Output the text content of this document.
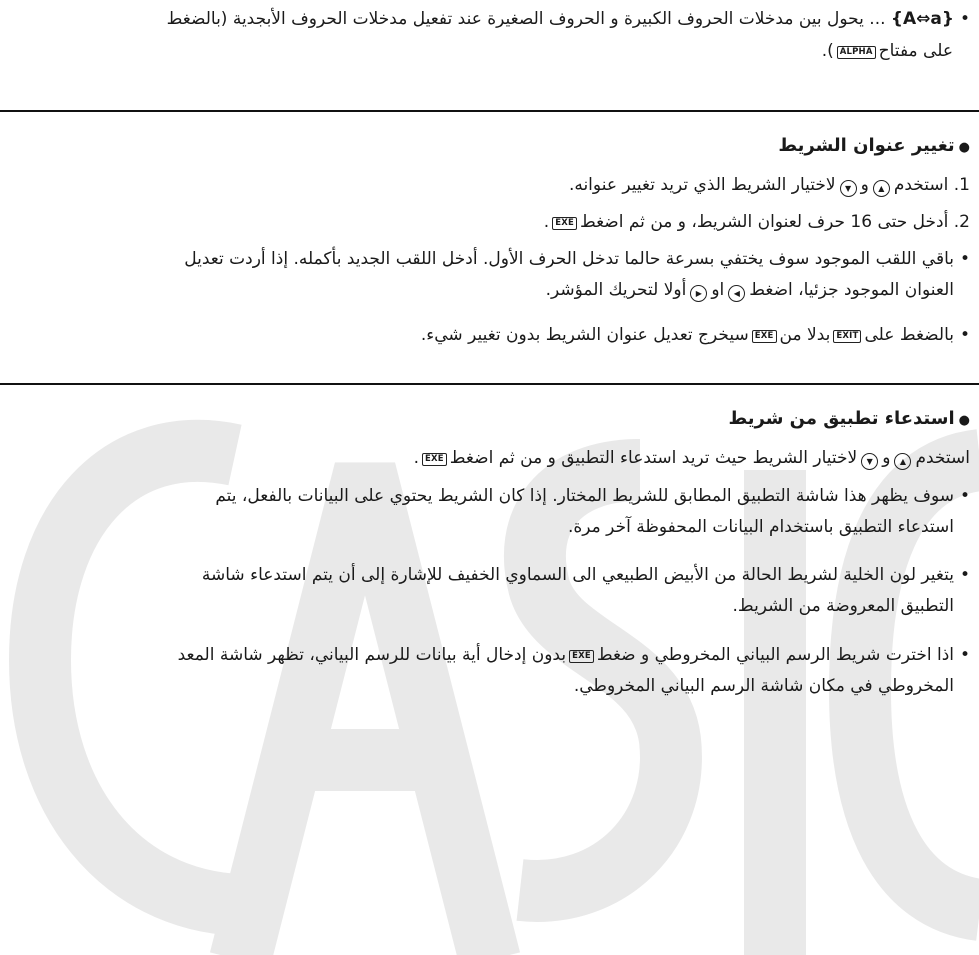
• {A⇔a} ... يحول بين مدخلات الحروف الكبيرة و الحروف الصغيرة عند تفعيل مدخلات الحروف الأبجدية (بالضغط
على مفتاحALPHA).
● تغيير عنوان الشريط
1. استخدم▲و▼لاختيار الشريط الذي تريد تغيير عنوانه.
2. أدخل حتى 16 حرف لعنوان الشريط، و من ثم اضغطEXE.
• باقي اللقب الموجود سوف يختفي بسرعة حالما تدخل الحرف الأول. أدخل اللقب الجديد بأكمله. إذا أردت تعديل
العنوان الموجود جزئيا، اضغط◀او▶أولا لتحريك المؤشر.
• بالضغط علىEXITبدلا منEXEسيخرج تعديل عنوان الشريط بدون تغيير شيء.
● استدعاء تطبيق من شريط
استخدم▲و▼لاختيار الشريط حيث تريد استدعاء التطبيق و من ثم اضغطEXE.
• سوف يظهر هذا شاشة التطبيق المطابق للشريط المختار. إذا كان الشريط يحتوي على البيانات بالفعل، يتم
استدعاء التطبيق باستخدام البيانات المحفوظة آخر مرة.
• يتغير لون الخلية لشريط الحالة من الأبيض الطبيعي الى السماوي الخفيف للإشارة إلى أن يتم استدعاء شاشة
التطبيق المعروضة من الشريط.
• اذا اخترت شريط الرسم البياني المخروطي و ضغطEXEبدون إدخال أية بيانات للرسم البياني، تظهر شاشة المعد
المخروطي في مكان شاشة الرسم البياني المخروطي.
